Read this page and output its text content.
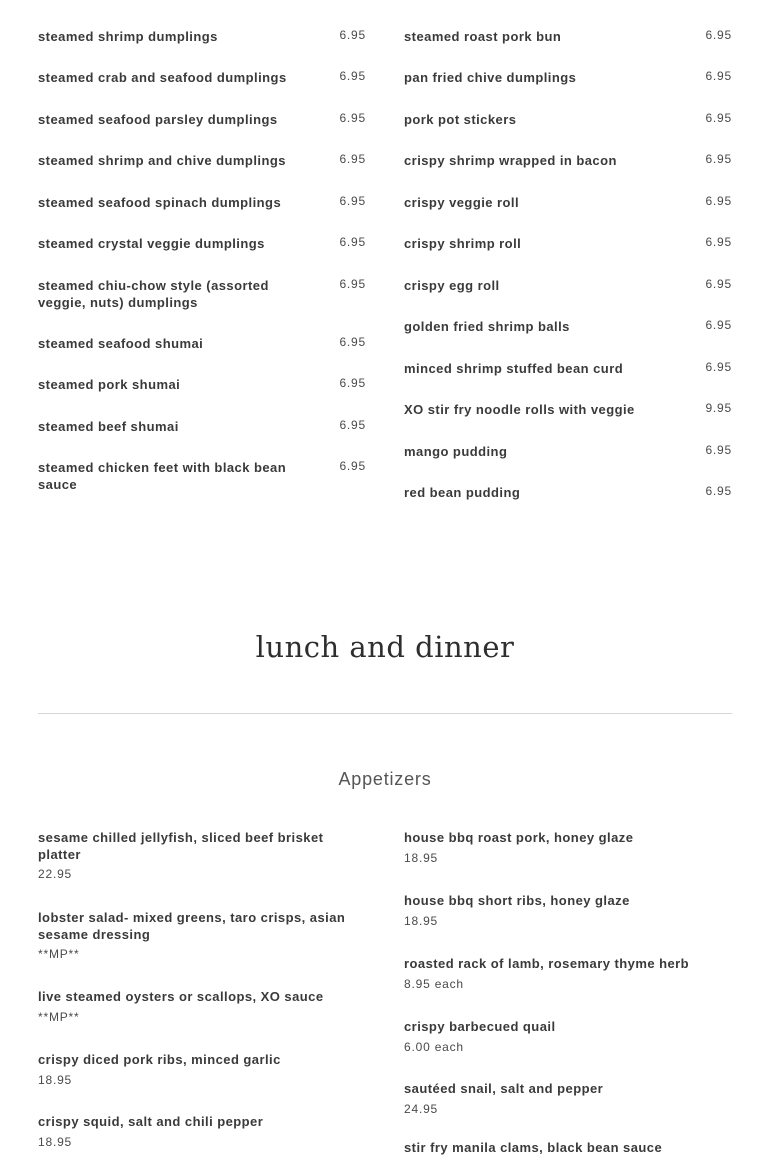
steamed shrimp dumplings	6.95
steamed crab and seafood dumplings	6.95
steamed seafood parsley dumplings	6.95
steamed shrimp and chive dumplings	6.95
steamed seafood spinach dumplings	6.95
steamed crystal veggie dumplings	6.95
steamed chiu-chow style (assorted veggie, nuts) dumplings
6.95
steamed seafood shumai	6.95
steamed pork shumai	6.95
steamed beef shumai	6.95
steamed chicken feet with black bean sauce
6.95
steamed roast pork bun	6.95
pan fried chive dumplings	6.95
pork pot stickers	6.95
crispy shrimp wrapped in bacon	6.95
crispy veggie roll	6.95
crispy shrimp roll	6.95
crispy egg roll	6.95
golden fried shrimp balls	6.95
minced shrimp stuffed bean curd	6.95
XO stir fry noodle rolls with veggie	9.95
mango pudding	6.95
red bean pudding	6.95
lunch and dinner
Appetizers
sesame chilled jellyfish, sliced beef brisket platter
22.95
lobster salad- mixed greens, taro crisps, asian sesame dressing
**MP**
live steamed oysters or scallops, XO sauce
**MP**
crispy diced pork ribs, minced garlic
18.95
crispy squid, salt and chili pepper
18.95
house bbq roast pork, honey glaze
18.95
house bbq short ribs, honey glaze
18.95
roasted rack of lamb, rosemary thyme herb
8.95 each
crispy barbecued quail
6.00 each
sautéed snail, salt and pepper
24.95
stir fry manila clams, black bean sauce
